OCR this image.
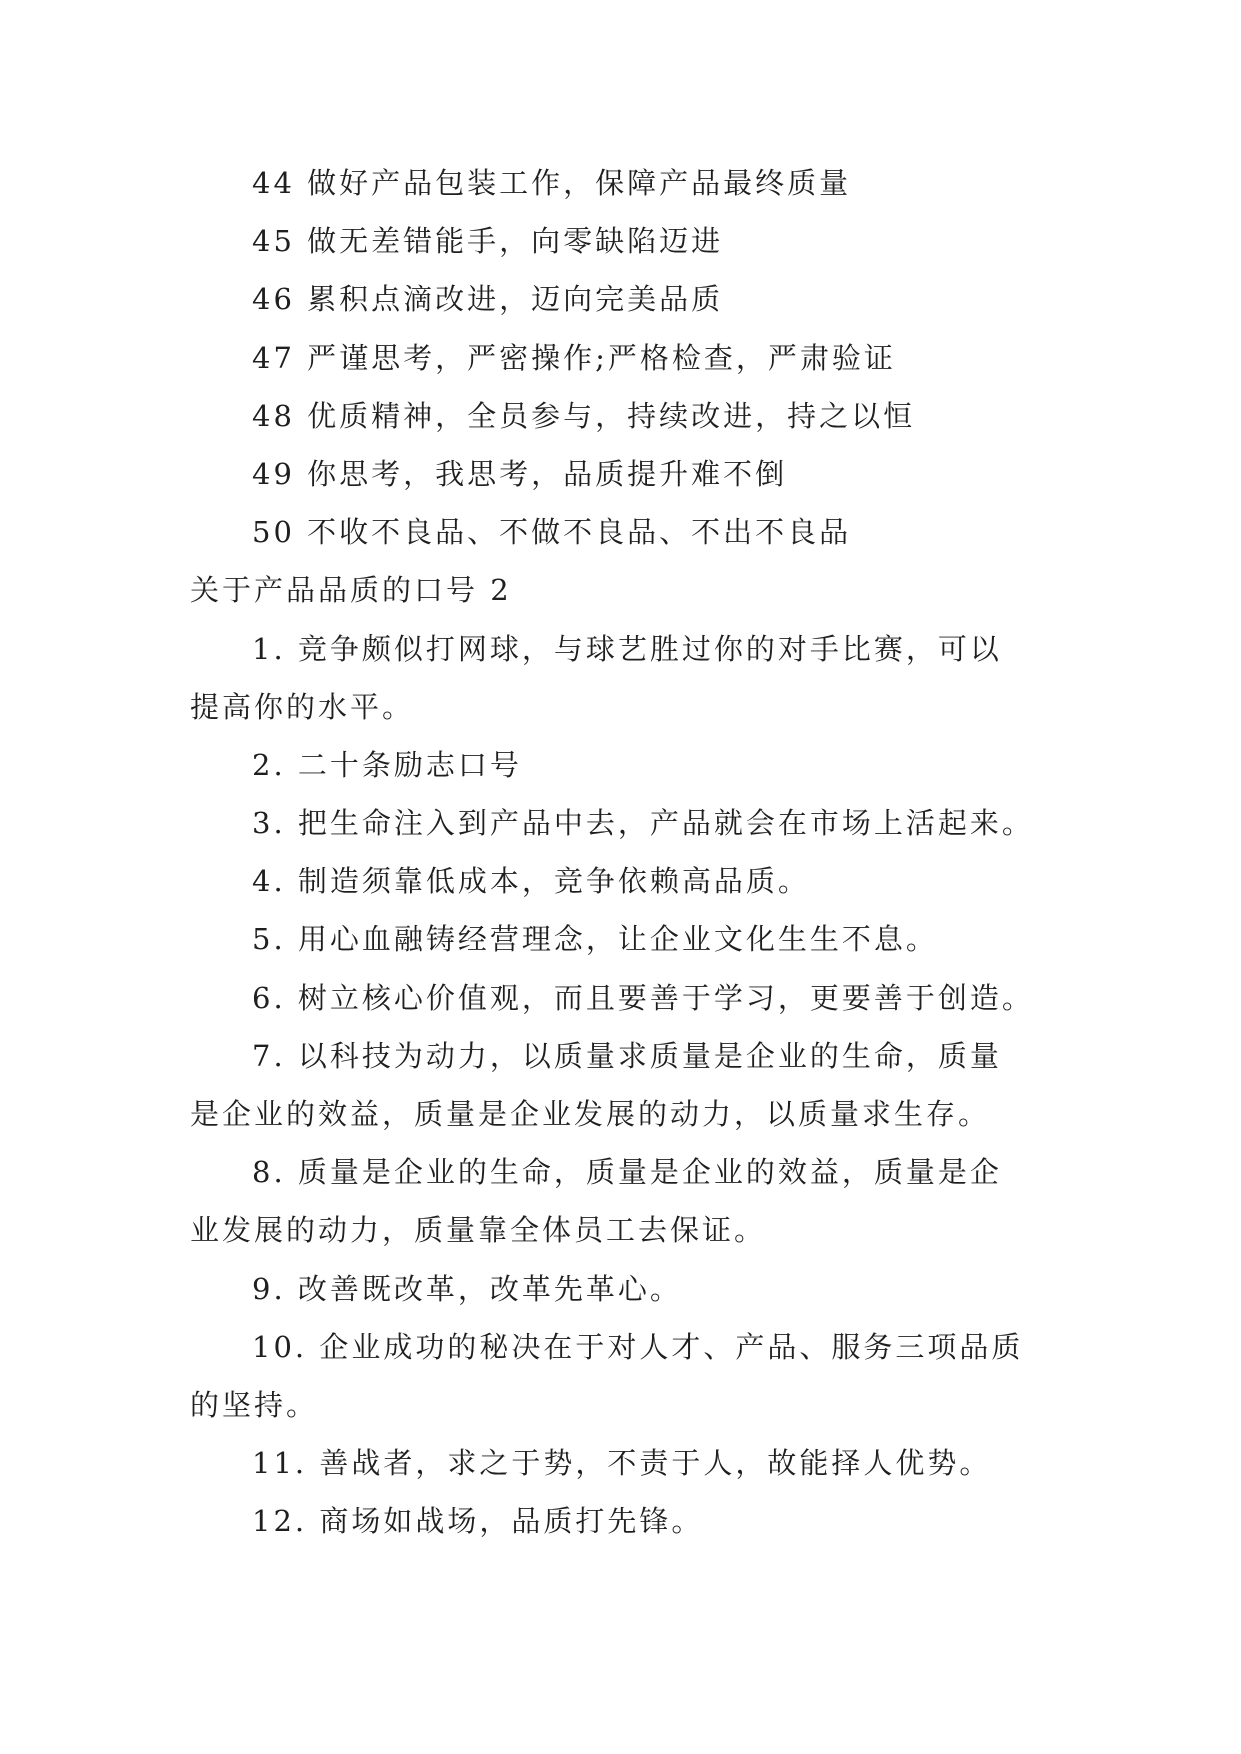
44 做好产品包装工作，保障产品最终质量
45 做无差错能手，向零缺陷迈进
46 累积点滴改进，迈向完美品质
47 严谨思考，严密操作;严格检查，严肃验证
48 优质精神，全员参与，持续改进，持之以恒
49 你思考，我思考，品质提升难不倒
50 不收不良品、不做不良品、不出不良品
关于产品品质的口号 2
1. 竞争颇似打网球，与球艺胜过你的对手比赛，可以
提高你的水平。
2. 二十条励志口号
3. 把生命注入到产品中去，产品就会在市场上活起来。
4. 制造须靠低成本，竞争依赖高品质。
5. 用心血融铸经营理念，让企业文化生生不息。
6. 树立核心价值观，而且要善于学习，更要善于创造。
7. 以科技为动力，以质量求质量是企业的生命，质量
是企业的效益，质量是企业发展的动力，以质量求生存。
8. 质量是企业的生命，质量是企业的效益，质量是企
业发展的动力，质量靠全体员工去保证。
9. 改善既改革，改革先革心。
10. 企业成功的秘决在于对人才、产品、服务三项品质
的坚持。
11. 善战者，求之于势，不责于人，故能择人优势。
12. 商场如战场，品质打先锋。
